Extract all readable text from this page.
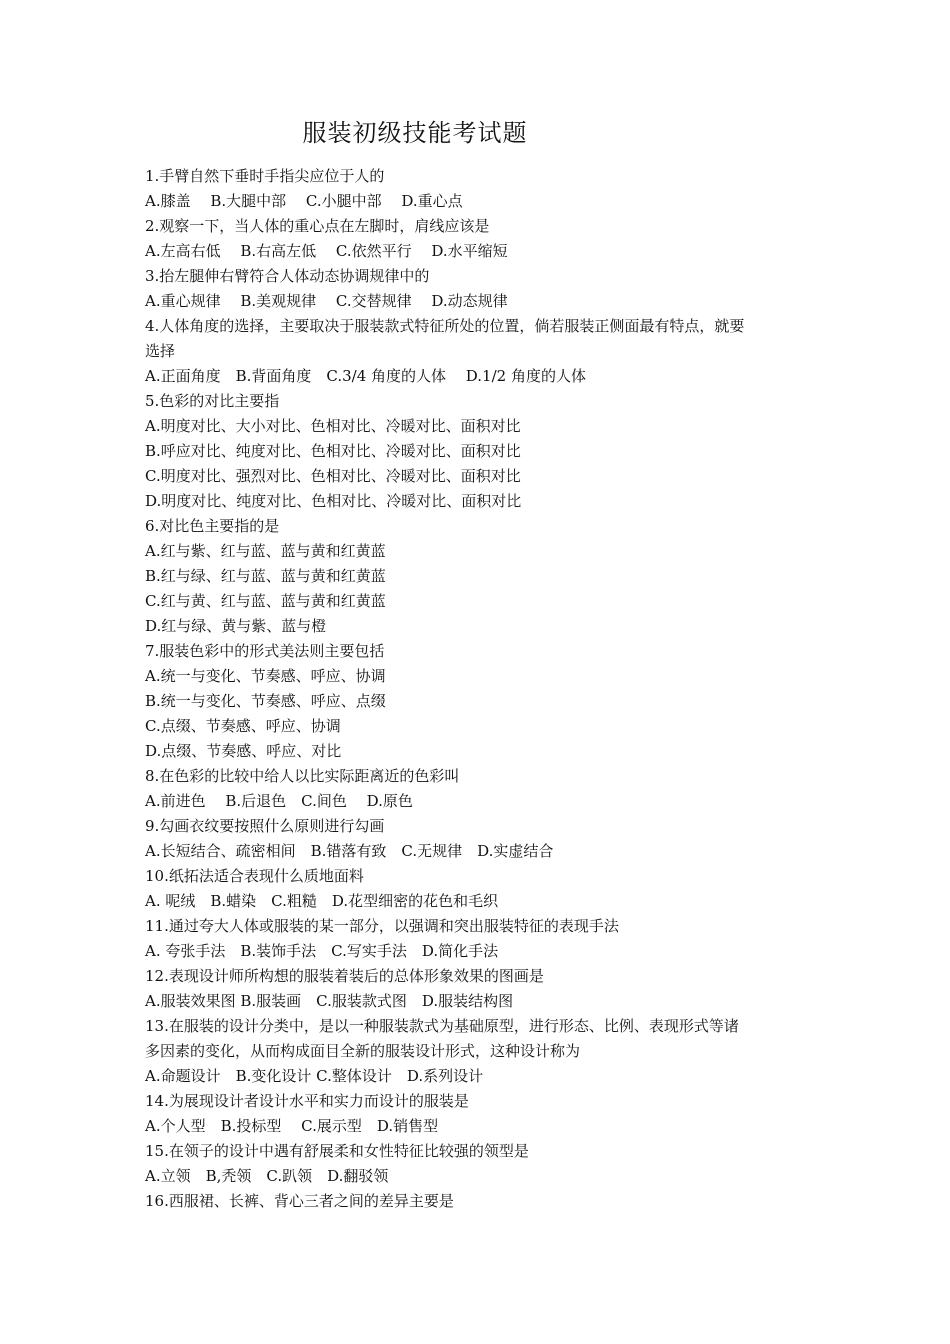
服装初级技能考试题
1.手臂自然下垂时手指尖应位于人的
A.膝盖　 B.大腿中部　 C.小腿中部　 D.重心点
2.观察一下，当人体的重心点在左脚时，肩线应该是
A.左高右低　 B.右高左低　 C.依然平行　 D.水平缩短
3.抬左腿伸右臂符合人体动态协调规律中的
A.重心规律　 B.美观规律　 C.交替规律　 D.动态规律
4.人体角度的选择，主要取决于服装款式特征所处的位置，倘若服装正侧面最有特点，就要
选择
A.正面角度　B.背面角度　C.3/4 角度的人体　 D.1/2 角度的人体
5.色彩的对比主要指
A.明度对比、大小对比、色相对比、冷暖对比、面积对比
B.呼应对比、纯度对比、色相对比、冷暖对比、面积对比
C.明度对比、强烈对比、色相对比、冷暖对比、面积对比
D.明度对比、纯度对比、色相对比、冷暖对比、面积对比
6.对比色主要指的是
A.红与紫、红与蓝、蓝与黄和红黄蓝
B.红与绿、红与蓝、蓝与黄和红黄蓝
C.红与黄、红与蓝、蓝与黄和红黄蓝
D.红与绿、黄与紫、蓝与橙
7.服装色彩中的形式美法则主要包括
A.统一与变化、节奏感、呼应、协调
B.统一与变化、节奏感、呼应、点缀
C.点缀、节奏感、呼应、协调
D.点缀、节奏感、呼应、对比
8.在色彩的比较中给人以比实际距离近的色彩叫
A.前进色　 B.后退色　C.间色　 D.原色
9.勾画衣纹要按照什么原则进行勾画
A.长短结合、疏密相间　B.错落有致　C.无规律　D.实虚结合
10.纸拓法适合表现什么质地面料
A. 呢绒　B.蜡染　C.粗糙　D.花型细密的花色和毛织
11.通过夸大人体或服装的某一部分，以强调和突出服装特征的表现手法
A. 夸张手法　B.装饰手法　C.写实手法　D.简化手法
12.表现设计师所构想的服装着装后的总体形象效果的图画是
A.服装效果图 B.服装画　C.服装款式图　D.服装结构图
13.在服装的设计分类中，是以一种服装款式为基础原型，进行形态、比例、表现形式等诸
多因素的变化，从而构成面目全新的服装设计形式，这种设计称为
A.命题设计　B.变化设计 C.整体设计　D.系列设计
14.为展现设计者设计水平和实力而设计的服装是
A.个人型　B.投标型　 C.展示型　D.销售型
15.在领子的设计中遇有舒展柔和女性特征比较强的领型是
A.立领　B,秃领　C.趴领　D.翻驳领
16.西服裙、长裤、背心三者之间的差异主要是
